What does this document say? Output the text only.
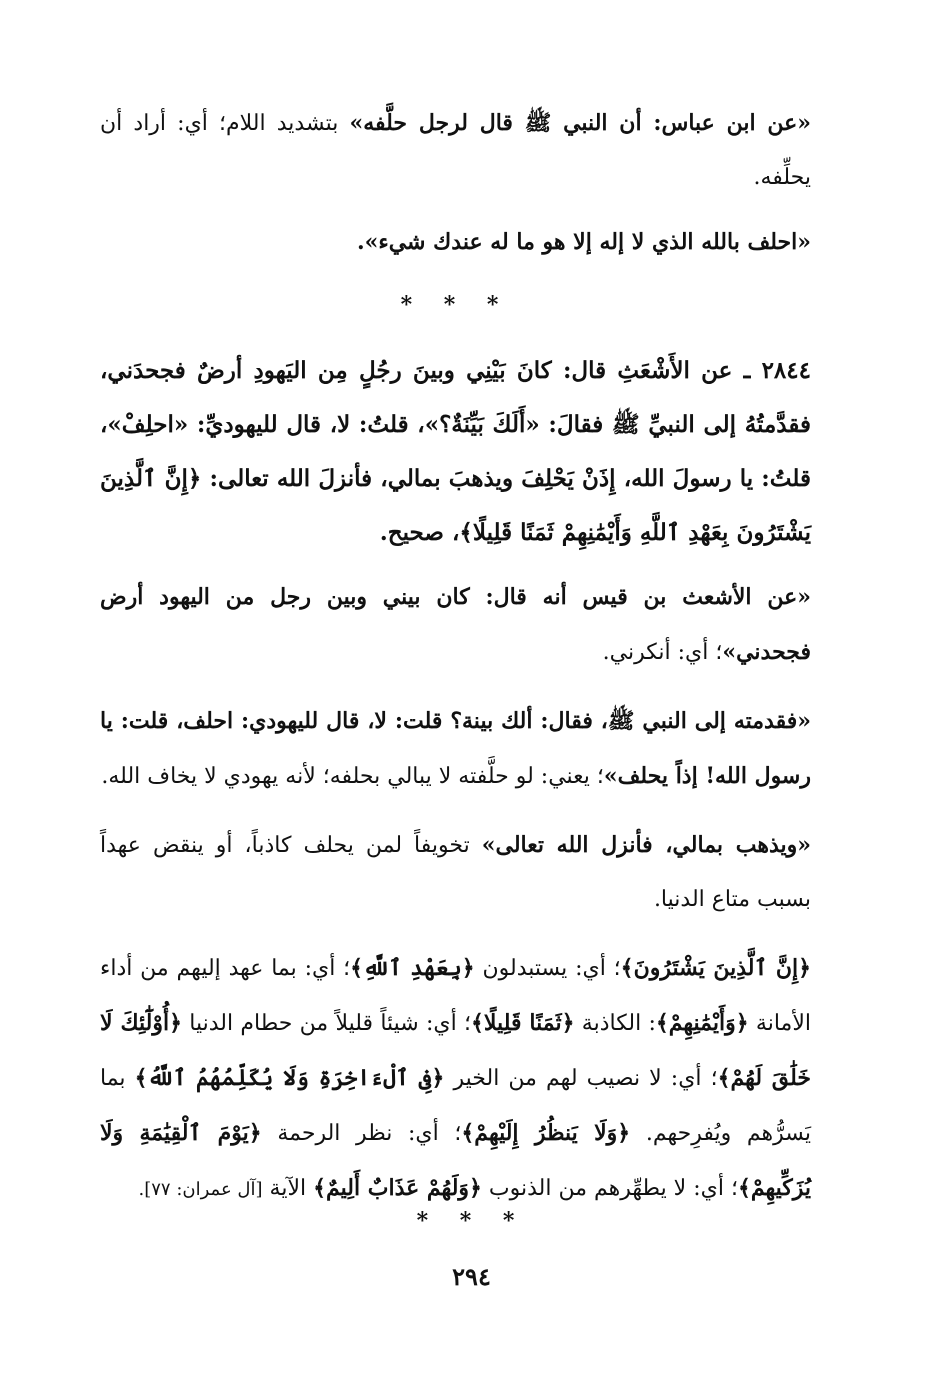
«عن ابن عباس: أن النبي ﷺ قال لرجل حلَّفه» بتشديد اللام؛ أي: أراد أن يحلِّفه.

«احلف بالله الذي لا إله إلا هو ما له عندك شيء».

* * *

٢٨٤٤ ـ عن الأَشْعَثِ قال: كانَ بَيْنِي وبينَ رجُلٍ مِن اليَهودِ أرضٌ فجحدَني، فقدَّمتُهُ إلى النبيِّ ﷺ فقالَ: «أَلَكَ بَيِّنَةٌ؟»، قلتُ: لا، قال لليهوديِّ: «احلِفْ»، قلتُ: يا رسولَ الله، إِذَنْ يَحْلِفَ ويذهبَ بمالي، فأنزلَ الله تعالى: ﴿إِنَّ ٱلَّذِينَ يَشْتَرُونَ بِعَهْدِ ٱللَّهِ وَأَيْمَٰنِهِمْ ثَمَنًا قَلِيلًا﴾، صحيح.

«عن الأشعث بن قيس أنه قال: كان بيني وبين رجل من اليهود أرض فجحدني»؛ أي: أنكرني.

«فقدمته إلى النبي ﷺ، فقال: ألك بينة؟ قلت: لا، قال لليهودي: احلف، قلت: يا رسول الله! إذاً يحلف»؛ يعني: لو حلَّفته لا يبالي بحلفه؛ لأنه يهودي لا يخاف الله.

«ويذهب بمالي، فأنزل الله تعالى» تخويفاً لمن يحلف كاذباً، أو ينقض عهداً بسبب متاع الدنيا.

﴿إِنَّ ٱلَّذِينَ يَشْتَرُونَ﴾؛ أي: يستبدلون ﴿بِعَهْدِ ٱللَّهِ﴾؛ أي: بما عهد إليهم من أداء الأمانة ﴿وَأَيْمَٰنِهِمْ﴾: الكاذبة ﴿ثَمَنًا قَلِيلًا﴾؛ أي: شيئاً قليلاً من حطام الدنيا ﴿أُوْلَٰٓئِكَ لَا خَلَٰقَ لَهُمْ﴾؛ أي: لا نصيب لهم من الخير ﴿فِى ٱلْءَاخِرَةِ وَلَا يُكَلِّمُهُمُ ٱللَّهُ﴾ بما يَسرُّهم ويُفرِحهم. ﴿وَلَا يَنظُرُ إِلَيْهِمْ﴾؛ أي: نظر الرحمة ﴿يَوْمَ ٱلْقِيَٰمَةِ وَلَا يُزَكِّيهِمْ﴾؛ أي: لا يطهِّرهم من الذنوب ﴿وَلَهُمْ عَذَابٌ أَلِيمٌ﴾ الآية [آل عمران: ٧٧].

* * *
٢٩٤
